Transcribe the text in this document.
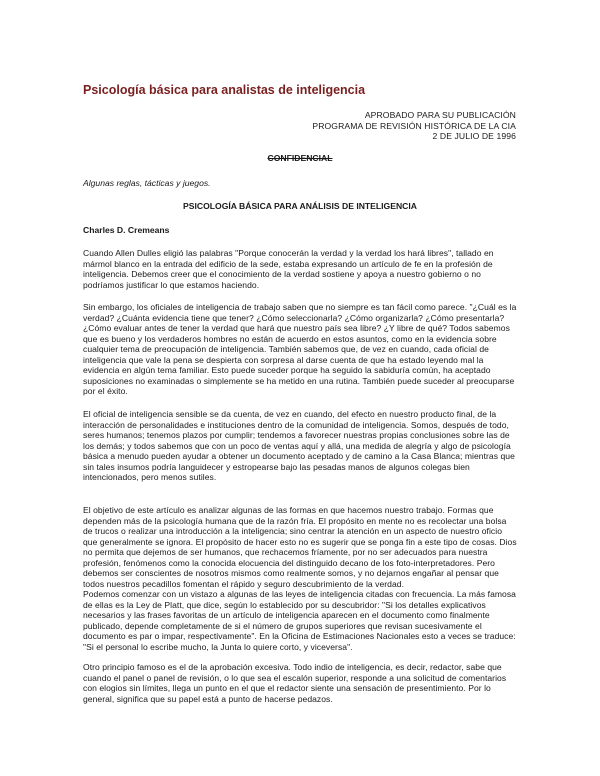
Psicología básica para analistas de inteligencia
APROBADO PARA SU PUBLICACIÓN
PROGRAMA DE REVISIÓN HISTÓRICA DE LA CIA
2 DE JULIO DE 1996
CONFIDENCIAL
Algunas reglas, tácticas y juegos.
PSICOLOGÍA BÁSICA PARA ANÁLISIS DE INTELIGENCIA
Charles D. Cremeans

Cuando Allen Dulles eligió las palabras "Porque conocerán la verdad y la verdad los hará libres", tallado en mármol blanco en la entrada del edificio de la sede, estaba expresando un artículo de fe en la profesión de inteligencia. Debemos creer que el conocimiento de la verdad sostiene y apoya a nuestro gobierno o no podríamos justificar lo que estamos haciendo.

Sin embargo, los oficiales de inteligencia de trabajo saben que no siempre es tan fácil como parece. "¿Cuál es la verdad? ¿Cuánta evidencia tiene que tener? ¿Cómo seleccionarla? ¿Cómo organizarla? ¿Cómo presentarla? ¿Cómo evaluar antes de tener la verdad que hará que nuestro país sea libre? ¿Y libre de qué? Todos sabemos que es bueno y los verdaderos hombres no están de acuerdo en estos asuntos, como en la evidencia sobre cualquier tema de preocupación de inteligencia. También sabemos que, de vez en cuando, cada oficial de inteligencia que vale la pena se despierta con sorpresa al darse cuenta de que ha estado leyendo mal la evidencia en algún tema familiar. Esto puede suceder porque ha seguido la sabiduría común, ha aceptado suposiciones no examinadas o simplemente se ha metido en una rutina. También puede suceder al preocuparse por el éxito.

El oficial de inteligencia sensible se da cuenta, de vez en cuando, del efecto en nuestro producto final, de la interacción de personalidades e instituciones dentro de la comunidad de inteligencia. Somos, después de todo, seres humanos; tenemos plazos por cumplir; tendemos a favorecer nuestras propias conclusiones sobre las de los demás; y todos sabemos que con un poco de ventas aquí y allá, una medida de alegría y algo de psicología básica a menudo pueden ayudar a obtener un documento aceptado y de camino a la Casa Blanca; mientras que sin tales insumos podría languidecer y estropearse bajo las pesadas manos de algunos colegas bien intencionados, pero menos sutiles.

El objetivo de este artículo es analizar algunas de las formas en que hacemos nuestro trabajo. Formas que dependen más de la psicología humana que de la razón fría. El propósito en mente no es recolectar una bolsa de trucos o realizar una introducción a la inteligencia; sino centrar la atención en un aspecto de nuestro oficio que generalmente se ignora. El propósito de hacer esto no es sugerir que se ponga fin a este tipo de cosas. Dios no permita que dejemos de ser humanos, que rechacemos fríamente, por no ser adecuados para nuestra profesión, fenómenos como la conocida elocuencia del distinguido decano de los foto-interpretadores. Pero debemos ser conscientes de nosotros mismos como realmente somos, y no dejarnos engañar al pensar que todos nuestros pecadillos fomentan el rápido y seguro descubrimiento de la verdad.

Podemos comenzar con un vistazo a algunas de las leyes de inteligencia citadas con frecuencia. La más famosa de ellas es la Ley de Platt, que dice, según lo establecido por su descubridor: "Si los detalles explicativos necesarios y las frases favoritas de un artículo de inteligencia aparecen en el documento como finalmente publicado, depende completamente de si el número de grupos superiores que revisan sucesivamente el documento es par o impar, respectivamente". En la Oficina de Estimaciones Nacionales esto a veces se traduce: "Si el personal lo escribe mucho, la Junta lo quiere corto, y viceversa".

Otro principio famoso es el de la aprobación excesiva. Todo indio de inteligencia, es decir, redactor, sabe que cuando el panel o panel de revisión, o lo que sea el escalón superior, responde a una solicitud de comentarios con elogios sin límites, llega un punto en el que el redactor siente una sensación de presentimiento. Por lo general, significa que su papel está a punto de hacerse pedazos.
